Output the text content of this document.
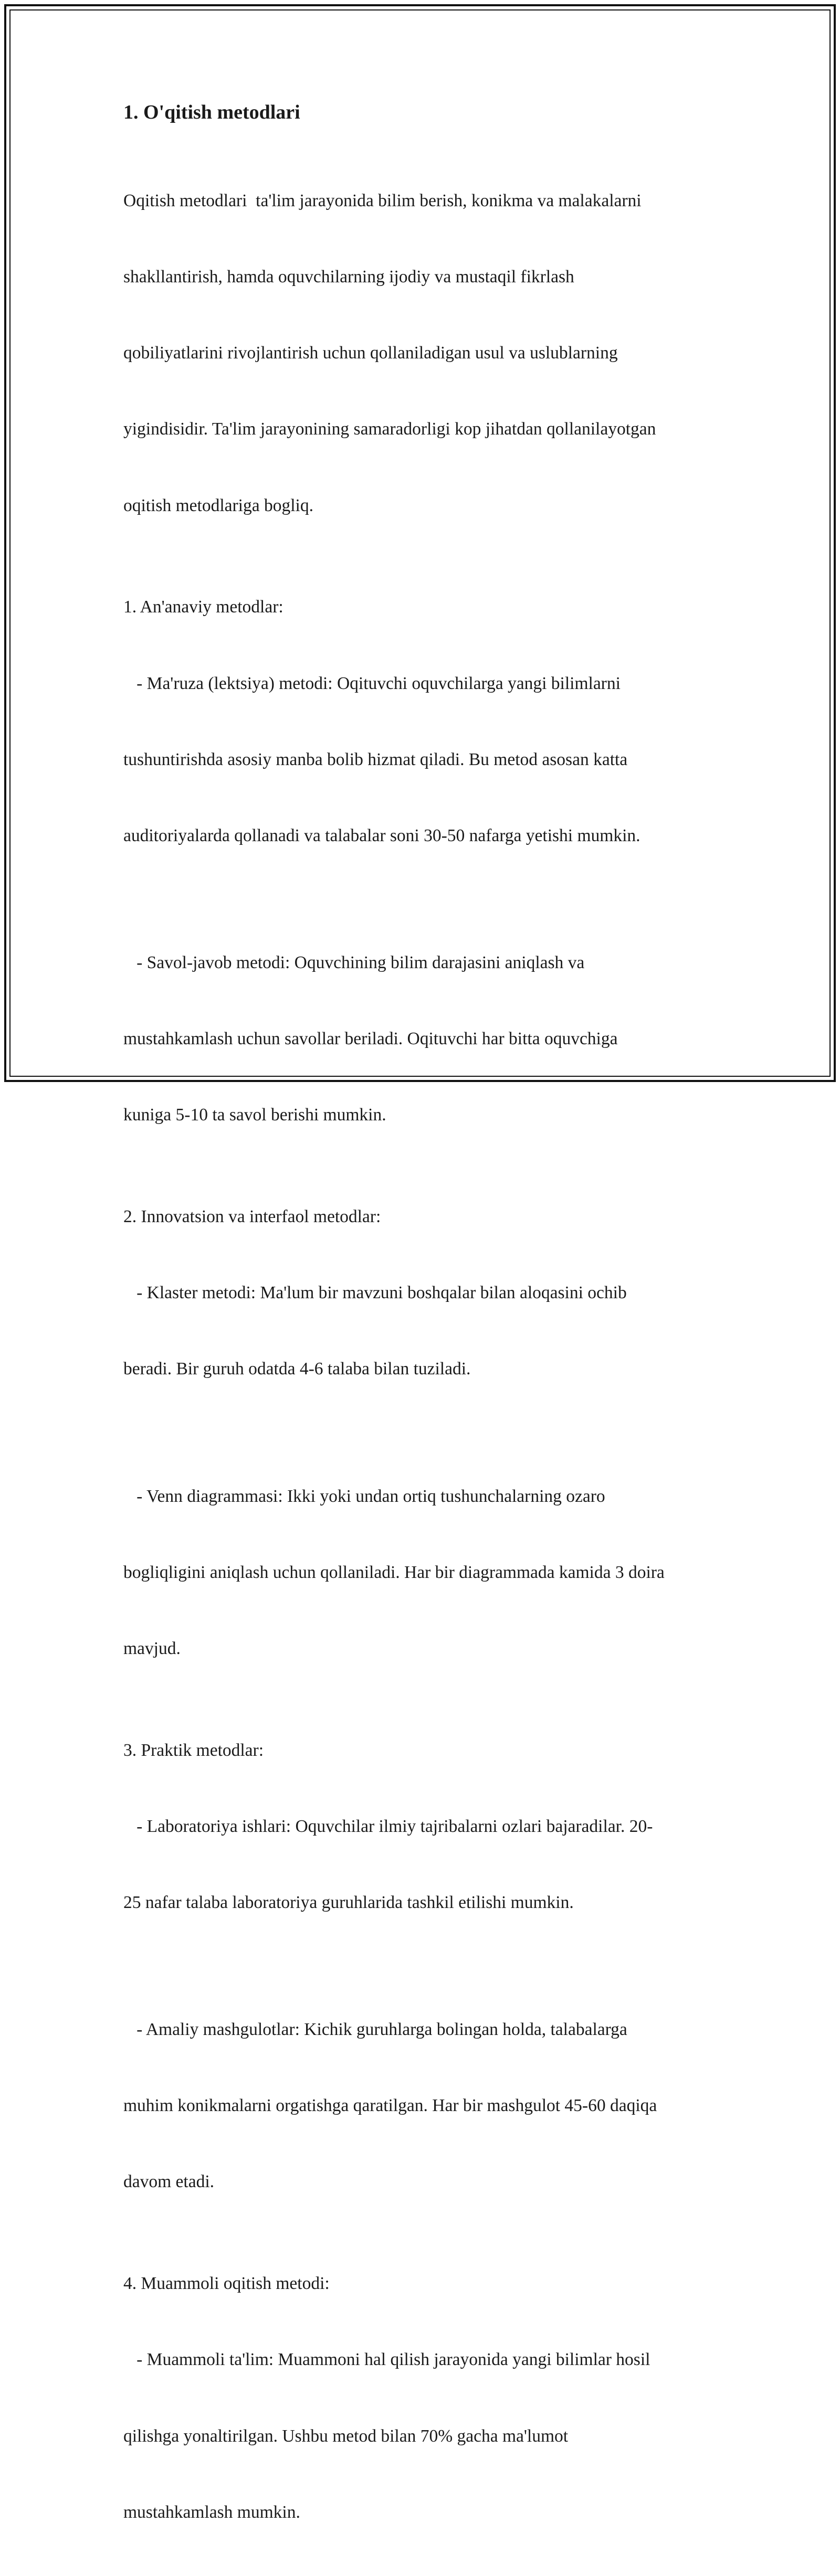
1. O'qitish metodlari

Oqitish metodlari  ta'lim jarayonida bilim berish, konikma va malakalarni

shakllantirish, hamda oquvchilarning ijodiy va mustaqil fikrlash

qobiliyatlarini rivojlantirish uchun qollaniladigan usul va uslublarning

yigindisidir. Ta'lim jarayonining samaradorligi kop jihatdan qollanilayotgan

oqitish metodlariga bogliq.

1. An'anaviy metodlar:

- Ma'ruza (lektsiya) metodi: Oqituvchi oquvchilarga yangi bilimlarni

tushuntirishda asosiy manba bolib hizmat qiladi. Bu metod asosan katta

auditoriyalarda qollanadi va talabalar soni 30-50 nafarga yetishi mumkin.

- Savol-javob metodi: Oquvchining bilim darajasini aniqlash va

mustahkamlash uchun savollar beriladi. Oqituvchi har bitta oquvchiga

kuniga 5-10 ta savol berishi mumkin.

2. Innovatsion va interfaol metodlar:

- Klaster metodi: Ma'lum bir mavzuni boshqalar bilan aloqasini ochib

beradi. Bir guruh odatda 4-6 talaba bilan tuziladi.

- Venn diagrammasi: Ikki yoki undan ortiq tushunchalarning ozaro

bogliqligini aniqlash uchun qollaniladi. Har bir diagrammada kamida 3 doira

mavjud.

3. Praktik metodlar:

- Laboratoriya ishlari: Oquvchilar ilmiy tajribalarni ozlari bajaradilar. 20-

25 nafar talaba laboratoriya guruhlarida tashkil etilishi mumkin.

- Amaliy mashgulotlar: Kichik guruhlarga bolingan holda, talabalarga

muhim konikmalarni orgatishga qaratilgan. Har bir mashgulot 45-60 daqiqa

davom etadi.

4. Muammoli oqitish metodi:

- Muammoli ta'lim: Muammoni hal qilish jarayonida yangi bilimlar hosil

qilishga yonaltirilgan. Ushbu metod bilan 70% gacha ma'lumot

mustahkamlash mumkin.
